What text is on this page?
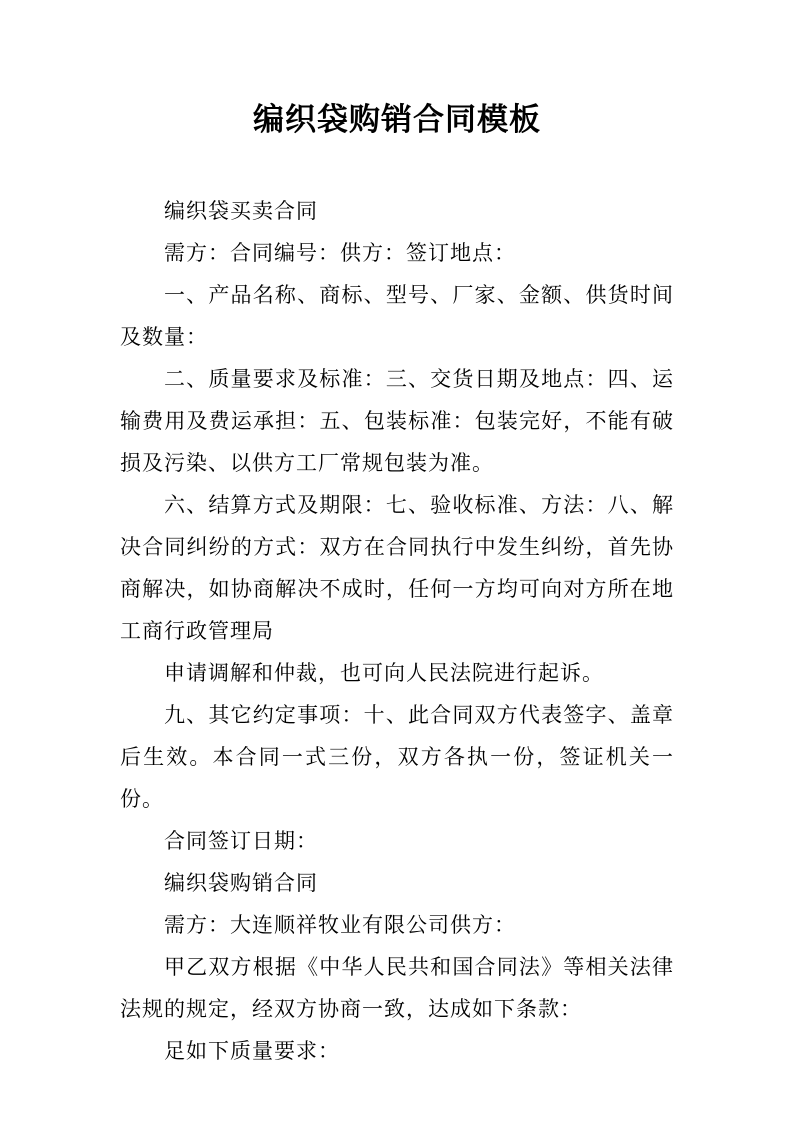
编织袋购销合同模板

编织袋买卖合同

需方：合同编号：供方：签订地点：

一、产品名称、商标、型号、厂家、金额、供货时间及数量：

二、质量要求及标准：三、交货日期及地点：四、运输费用及费运承担：五、包装标准：包装完好，不能有破损及污染、以供方工厂常规包装为准。

六、结算方式及期限：七、验收标准、方法：八、解决合同纠纷的方式：双方在合同执行中发生纠纷，首先协商解决，如协商解决不成时，任何一方均可向对方所在地工商行政管理局

申请调解和仲裁，也可向人民法院进行起诉。

九、其它约定事项：十、此合同双方代表签字、盖章后生效。本合同一式三份，双方各执一份，签证机关一份。

合同签订日期：

编织袋购销合同

需方：大连顺祥牧业有限公司供方：

甲乙双方根据《中华人民共和国合同法》等相关法律法规的规定，经双方协商一致，达成如下条款：

足如下质量要求：
